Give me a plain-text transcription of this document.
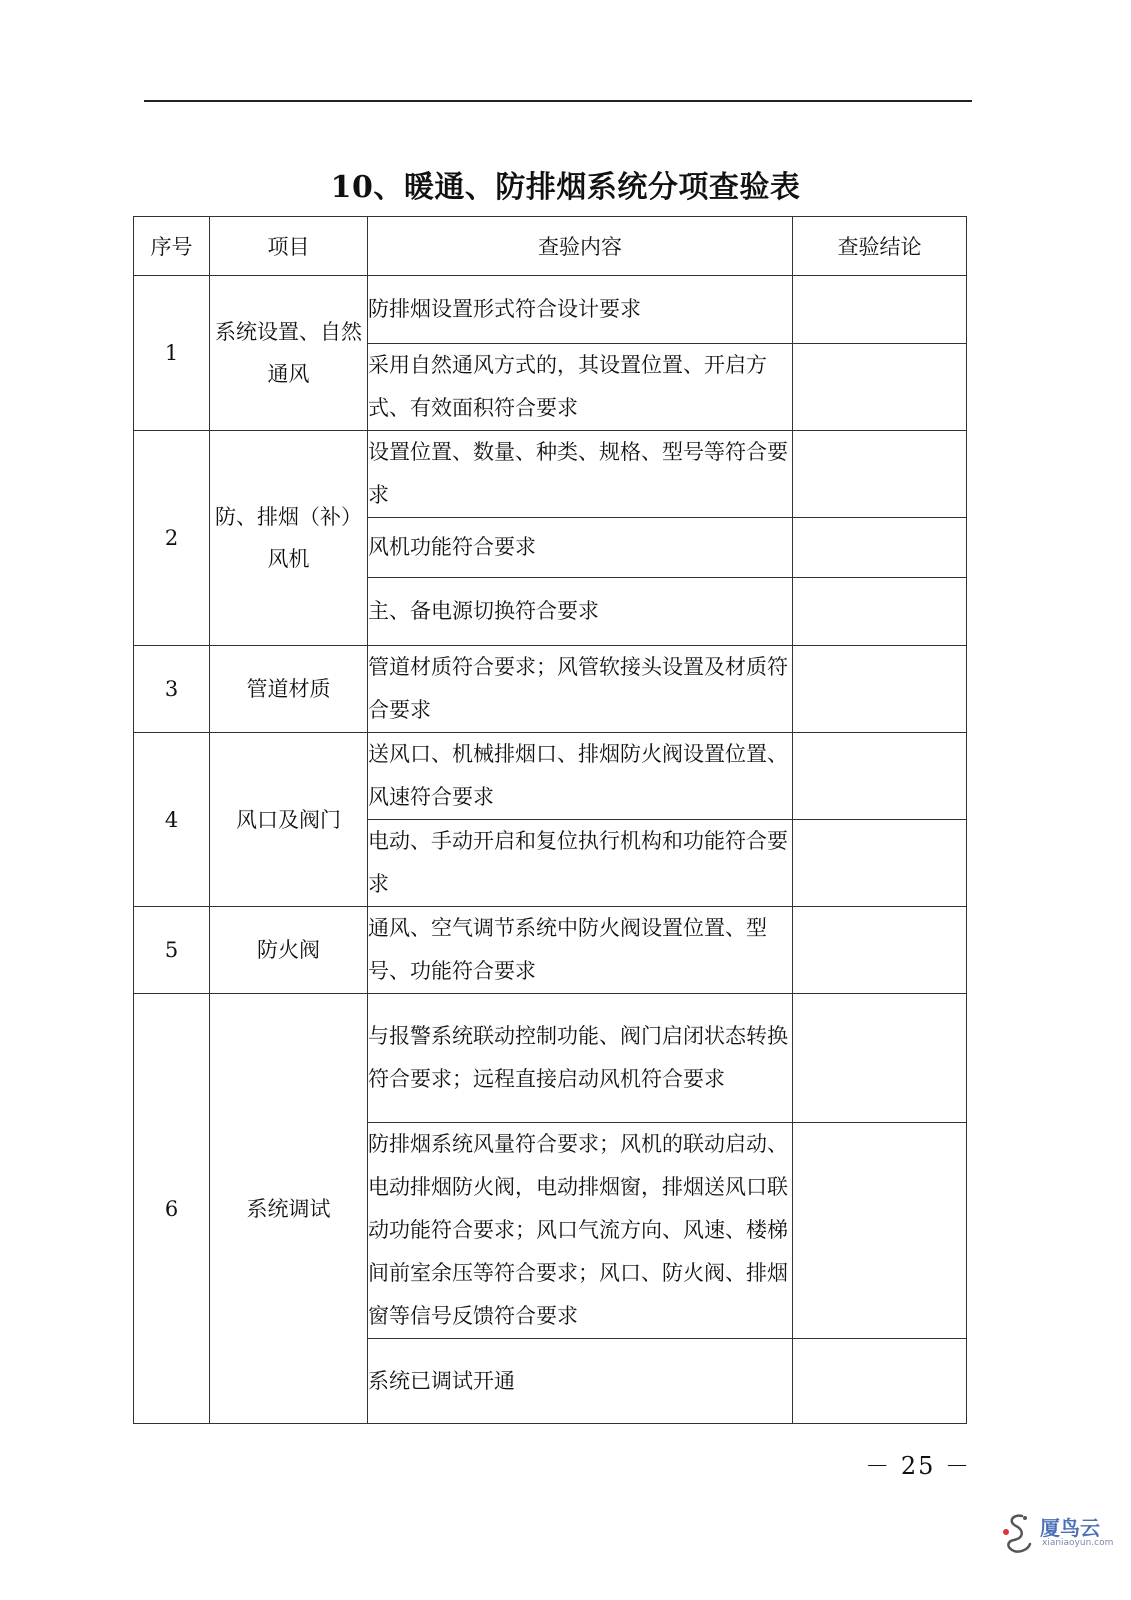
10、暖通、防排烟系统分项查验表
序号	项目	查验内容	查验结论
1	系统设置、自然通风	防排烟设置形式符合设计要求	
		采用自然通风方式的，其设置位置、开启方式、有效面积符合要求	
2	防、排烟（补）风机	设置位置、数量、种类、规格、型号等符合要求	
		风机功能符合要求	
		主、备电源切换符合要求	
3	管道材质	管道材质符合要求；风管软接头设置及材质符合要求	
4	风口及阀门	送风口、机械排烟口、排烟防火阀设置位置、风速符合要求	
		电动、手动开启和复位执行机构和功能符合要求	
5	防火阀	通风、空气调节系统中防火阀设置位置、型号、功能符合要求	
6	系统调试	与报警系统联动控制功能、阀门启闭状态转换符合要求；远程直接启动风机符合要求	
		防排烟系统风量符合要求；风机的联动启动、电动排烟防火阀，电动排烟窗，排烟送风口联动功能符合要求；风口气流方向、风速、楼梯间前室余压等符合要求；风口、防火阀、排烟窗等信号反馈符合要求	
		系统已调试开通	
－ 25 －
厦鸟云
xianiaoyun.com
